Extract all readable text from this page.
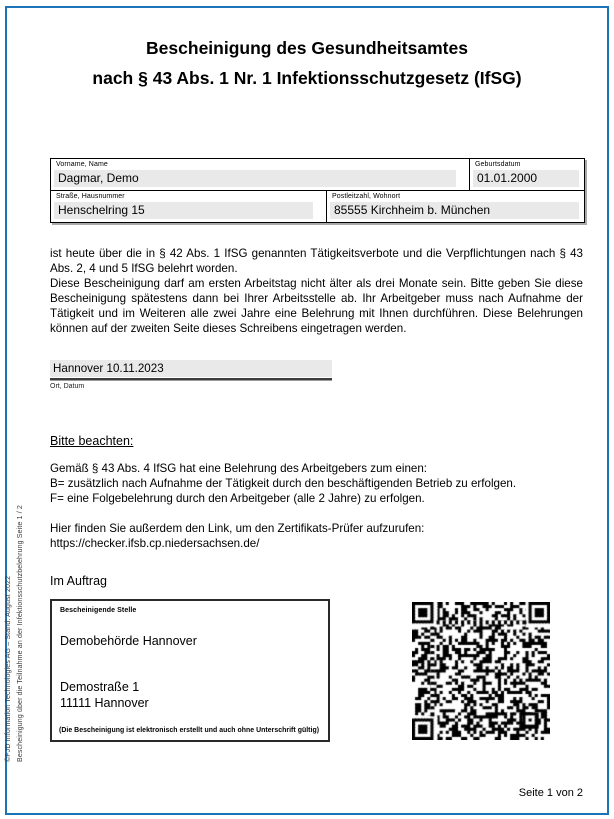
Bescheinigung des Gesundheitsamtes
nach § 43 Abs. 1 Nr. 1 Infektionsschutzgesetz (IfSG)
Vorname, Name
Dagmar, Demo
Geburtsdatum
01.01.2000
Straße, Hausnummer
Henschelring 15
Postleitzahl, Wohnort
85555 Kirchheim b. München
ist heute über die in § 42 Abs. 1 IfSG genannten Tätigkeitsverbote und die Verpflichtungen nach § 43 Abs. 2, 4 und 5 IfSG belehrt worden.
Diese Bescheinigung darf am ersten Arbeitstag nicht älter als drei Monate sein. Bitte geben Sie diese Bescheinigung spätestens dann bei Ihrer Arbeitsstelle ab. Ihr Arbeitgeber muss nach Aufnahme der Tätigkeit und im Weiteren alle zwei Jahre eine Belehrung mit Ihnen durchführen. Diese Belehrungen können auf der zweiten Seite dieses Schreibens eingetragen werden.
Hannover 10.11.2023
Ort, Datum
Bitte beachten:
Gemäß § 43 Abs. 4 IfSG hat eine Belehrung des Arbeitgebers zum einen:
B= zusätzlich nach Aufnahme der Tätigkeit durch den beschäftigenden Betrieb zu erfolgen.
F= eine Folgebelehrung durch den Arbeitgeber (alle 2 Jahre) zu erfolgen.
Hier finden Sie außerdem den Link, um den Zertifikats-Prüfer aufzurufen:
https://checker.ifsb.cp.niedersachsen.de/
Im Auftrag
Bescheinigende Stelle
Demobehörde Hannover
Demostraße 1
11111 Hannover
(Die Bescheinigung ist elektronisch erstellt und auch ohne Unterschrift gültig)
©FJD Information Technologies AG – Stand: August 2022 Bescheinigung über die Teilnahme an der Infektionsschutzbelehrung Seite 1 / 2
Seite 1 von 2
